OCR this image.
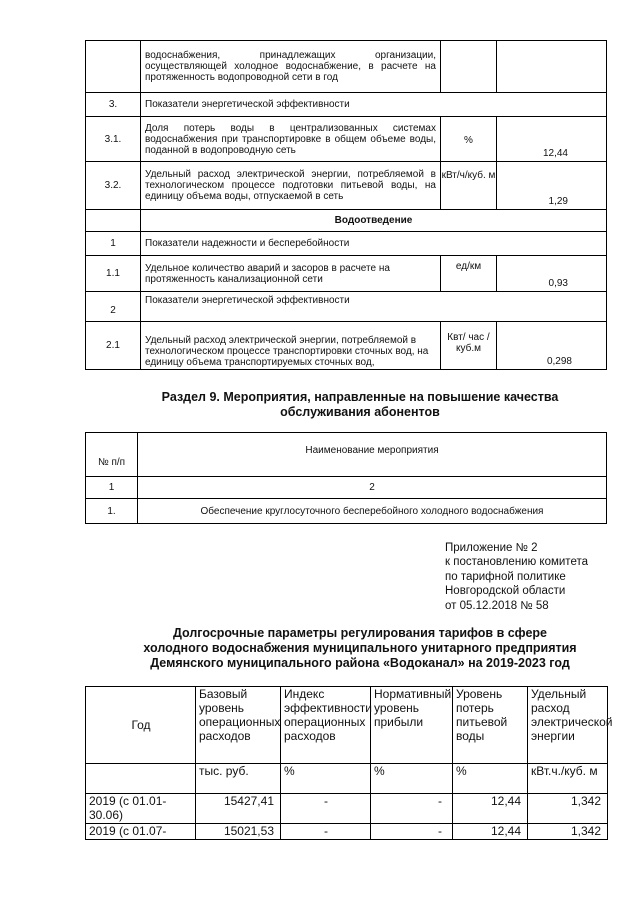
	водоснабжения, принадлежащих организации, осуществляющей холодное водоснабжение, в расчете на протяженность водопроводной сети в год		
3.	Показатели энергетической эффективности		
3.1.	Доля потерь воды в централизованных системах водоснабжения при транспортировке в общем объеме воды, поданной в водопроводную сеть	%	12,44
3.2.	Удельный расход электрической энергии, потребляемой в технологическом процессе подготовки питьевой воды, на единицу объема воды, отпускаемой в сеть	кВт/ч/куб. м	1,29
	Водоотведение		
1	Показатели надежности и бесперебойности		
1.1	Удельное количество аварий и засоров в расчете на протяженность канализационной сети	ед/км	0,93
2	Показатели энергетической эффективности		
2.1	Удельный расход электрической энергии, потребляемой в технологическом процессе транспортировки сточных вод, на единицу объема транспортируемых сточных вод,	Квт/ час /куб.м	0,298
Раздел 9. Мероприятия, направленные на повышение качества
обслуживания абонентов
№ п/п	Наименование мероприятия
1	2
1.	Обеспечение круглосуточного бесперебойного холодного водоснабжения
Приложение № 2
к постановлению комитета
по тарифной политике
Новгородской области
от 05.12.2018 № 58
Долгосрочные параметры регулирования тарифов в сфере
холодного водоснабжения муниципального унитарного предприятия
Демянского муниципального района «Водоканал» на 2019-2023 год
Год	Базовый уровень операционных расходов	Индекс эффективности операционных расходов	Нормативный уровень прибыли	Уровень потерь питьевой воды	Удельный расход электрической энергии
	тыс. руб.	%	%	%	кВт.ч./куб. м
2019 (с 01.01-30.06)	15427,41	-	-	12,44	1,342
2019 (с 01.07-	15021,53	-	-	12,44	1,342
